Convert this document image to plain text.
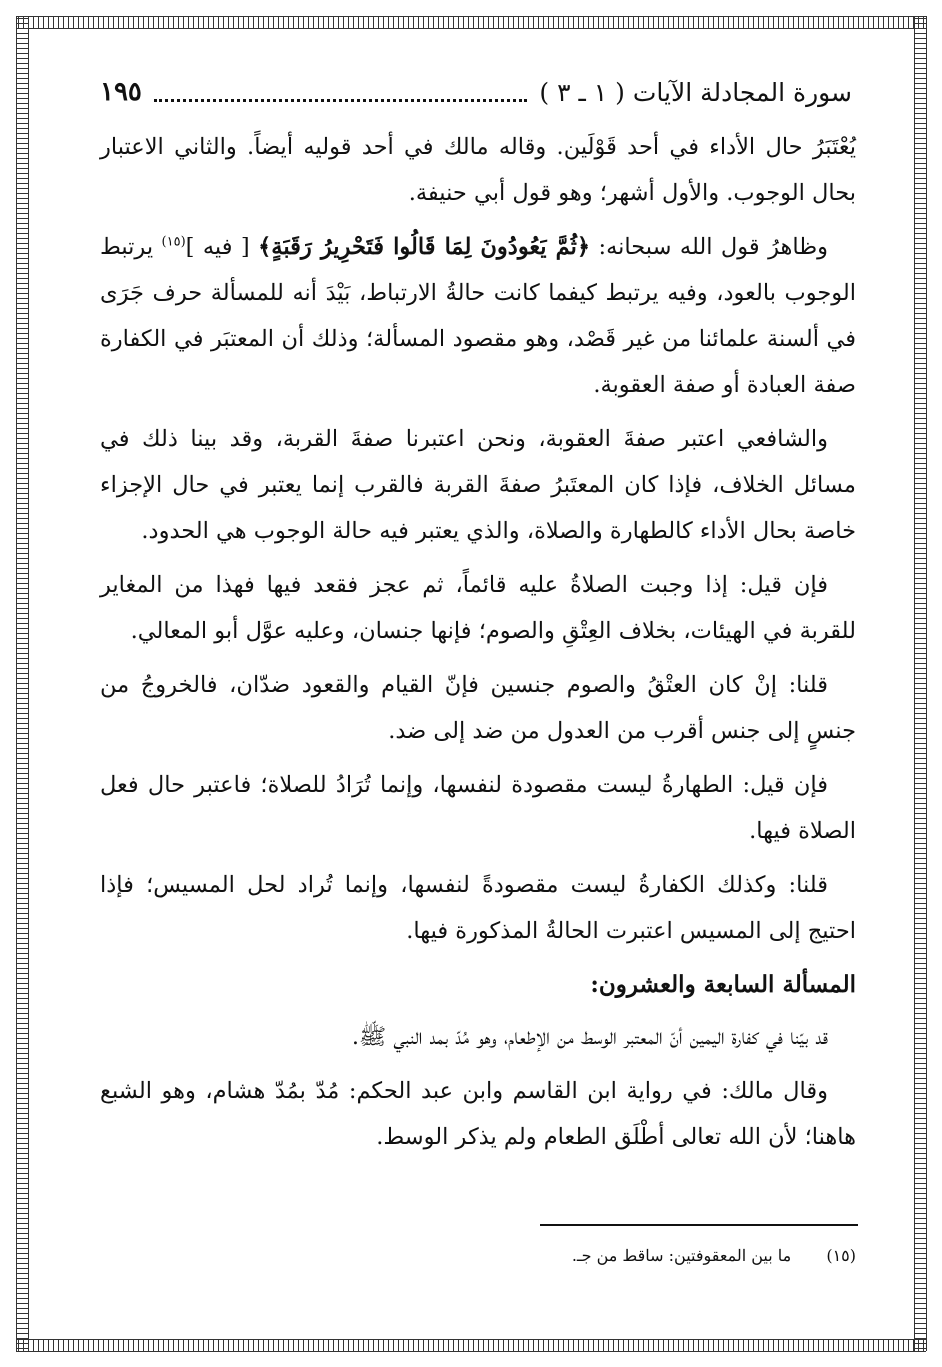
سورة المجادلة الآيات ( ١ ـ ٣ )
١٩٥

يُعْتَبَرُ حال الأداء في أحد قَوْلَين. وقاله مالك في أحد قوليه أيضاً. والثاني الاعتبار بحال الوجوب. والأول أشهر؛ وهو قول أبي حنيفة.

وظاهرُ قول الله سبحانه: ﴿ثُمَّ يَعُودُونَ لِمَا قَالُوا فَتَحْرِيرُ رَقَبَةٍ﴾ [ فيه ]$^{(١٥)}$ يرتبط الوجوب بالعود، وفيه يرتبط كيفما كانت حالةُ الارتباط، بَيْدَ أنه للمسألة حرف جَرَى في ألسنة علمائنا من غير قَصْد، وهو مقصود المسألة؛ وذلك أن المعتبَر في الكفارة صفة العبادة أو صفة العقوبة.

والشافعي اعتبر صفةَ العقوبة، ونحن اعتبرنا صفةَ القربة، وقد بينا ذلك في مسائل الخلاف، فإذا كان المعتَبرُ صفةَ القربة فالقرب إنما يعتبر في حال الإجزاء خاصة بحال الأداء كالطهارة والصلاة، والذي يعتبر فيه حالة الوجوب هي الحدود.

فإن قيل: إذا وجبت الصلاةُ عليه قائماً، ثم عجز فقعد فيها فهذا من المغاير للقربة في الهيئات، بخلاف العِتْقِ والصوم؛ فإنها جنسان، وعليه عوَّل أبو المعالي.

قلنا: إنْ كان العتْقُ والصوم جنسين فإنّ القيام والقعود ضدّان، فالخروجُ من جنسٍ إلى جنس أقرب من العدول من ضد إلى ضد.

فإن قيل: الطهارةُ ليست مقصودة لنفسها، وإنما تُرَادُ للصلاة؛ فاعتبر حال فعل الصلاة فيها.

قلنا: وكذلك الكفارةُ ليست مقصودةً لنفسها، وإنما تُراد لحل المسيس؛ فإذا احتيج إلى المسيس اعتبرت الحالةُ المذكورة فيها.

المسألة السابعة والعشرون:

قد بيّنا في كفارة اليمين أنّ المعتبر الوسط من الإطعام، وهو مُدّ بمد النبي ﷺ.

وقال مالك: في رواية ابن القاسم وابن عبد الحكم: مُدّ بمُدّ هشام، وهو الشبع هاهنا؛ لأن الله تعالى أطْلَق الطعام ولم يذكر الوسط.

(١٥) ما بين المعقوفتين: ساقط من جـ.
